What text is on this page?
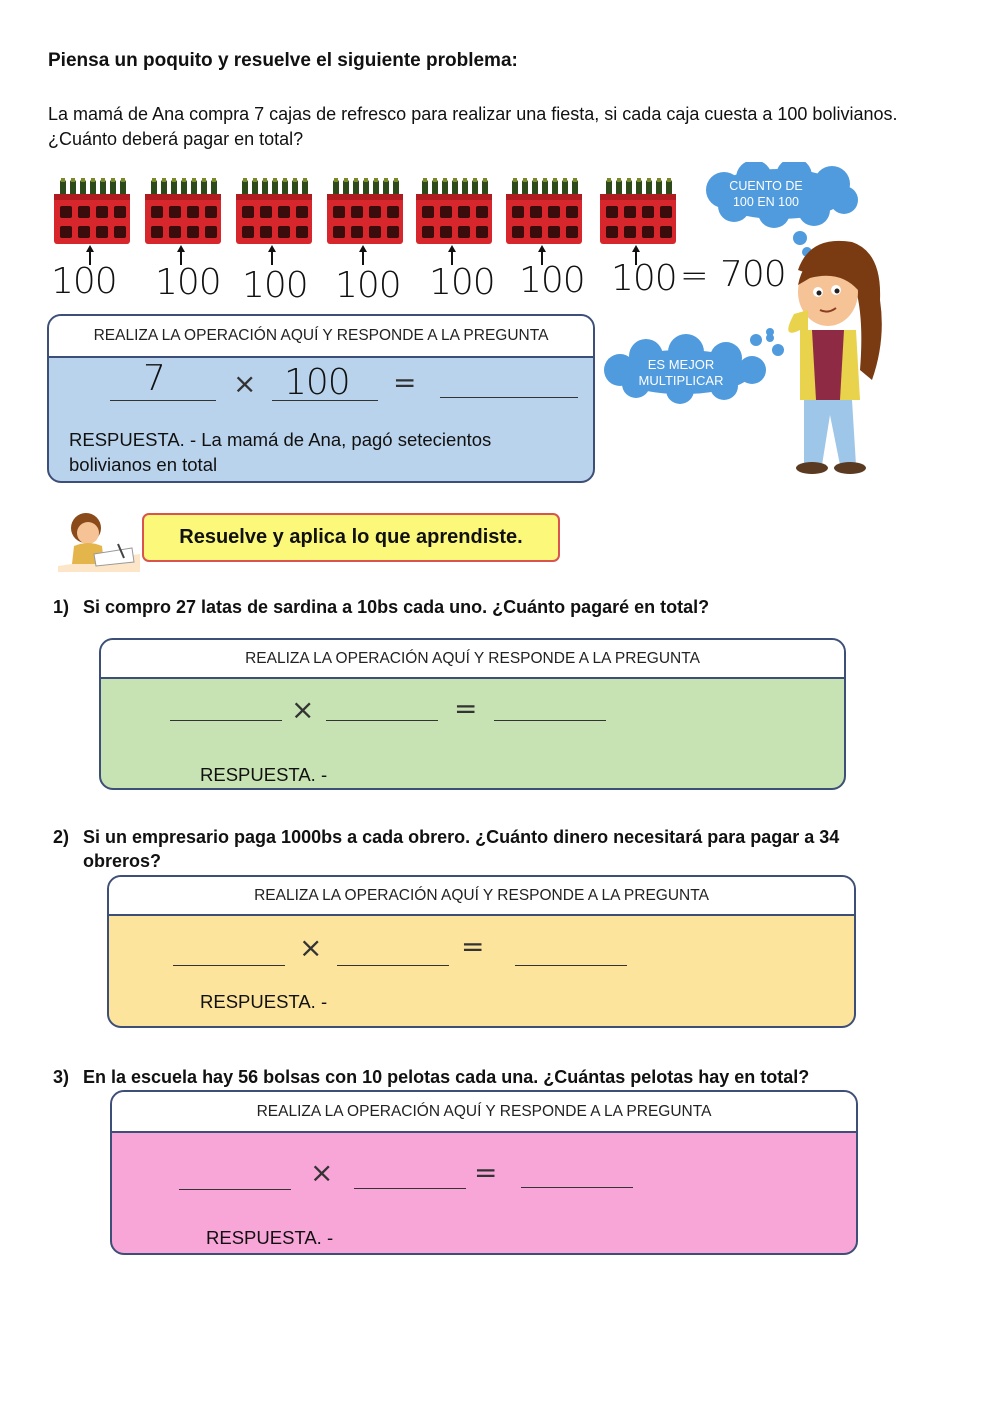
Piensa un poquito y resuelve el siguiente problema:
La mamá de Ana compra 7 cajas de refresco para realizar una fiesta, si cada caja cuesta a 100 bolivianos. ¿Cuánto deberá pagar en total?
100 100 100 100 100 100 100 = 700
CUENTO DE
100 EN 100
ES MEJOR
MULTIPLICAR
REALIZA LA OPERACIÓN AQUÍ Y RESPONDE A LA PREGUNTA
7 × 100 =
RESPUESTA. - La mamá de Ana, pagó setecientos
bolivianos en total
Resuelve y aplica lo que aprendiste.
1) Si compro 27 latas de sardina a 10bs cada uno. ¿Cuánto pagaré en total?
REALIZA LA OPERACIÓN AQUÍ Y RESPONDE A LA PREGUNTA
×	=
RESPUESTA. -
2) Si un empresario paga 1000bs a cada obrero. ¿Cuánto dinero necesitará para pagar a 34
obreros?
REALIZA LA OPERACIÓN AQUÍ Y RESPONDE A LA PREGUNTA
×	=
RESPUESTA. -
3) En la escuela hay 56 bolsas con 10 pelotas cada una. ¿Cuántas pelotas hay en total?
REALIZA LA OPERACIÓN AQUÍ Y RESPONDE A LA PREGUNTA
×	=
RESPUESTA. -
